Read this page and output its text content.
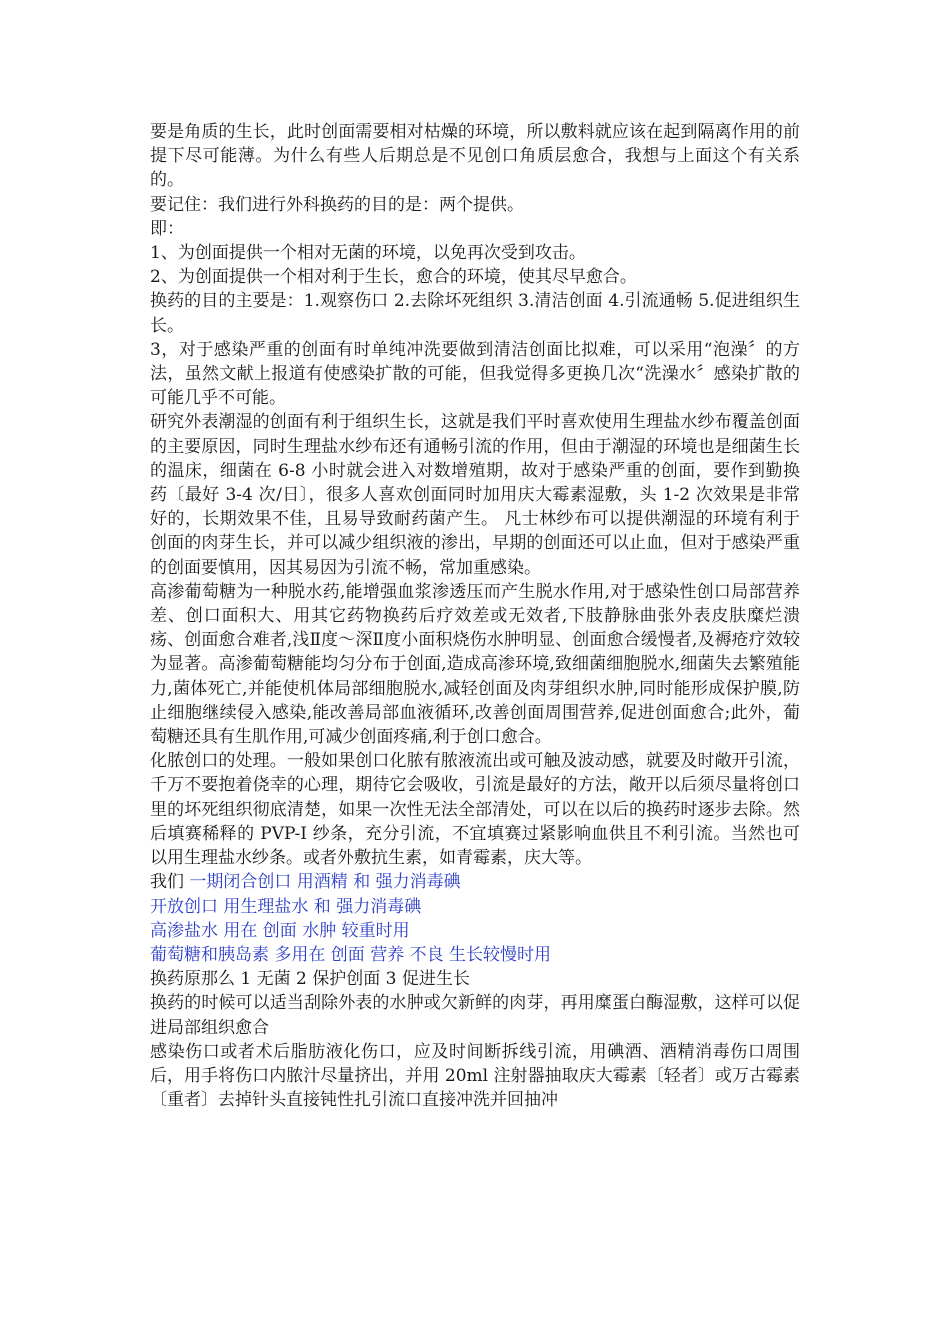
要是角质的生长，此时创面需要相对枯燥的环境，所以敷料就应该在起到隔离作用的前提下尽可能薄。为什么有些人后期总是不见创口角质层愈合，我想与上面这个有关系的。

要记住：我们进行外科换药的目的是：两个提供。

即：

1、为创面提供一个相对无菌的环境，以免再次受到攻击。

2、为创面提供一个相对利于生长，愈合的环境，使其尽早愈合。

换药的目的主要是：1.观察伤口 2.去除坏死组织 3.清洁创面 4.引流通畅 5.促进组织生长。

3，对于感染严重的创面有时单纯冲洗要做到清洁创面比拟难，可以采用“泡澡〞的方法，虽然文献上报道有使感染扩散的可能，但我觉得多更换几次“洗澡水〞感染扩散的可能几乎不可能。

研究外表潮湿的创面有利于组织生长，这就是我们平时喜欢使用生理盐水纱布覆盖创面的主要原因，同时生理盐水纱布还有通畅引流的作用，但由于潮湿的环境也是细菌生长的温床，细菌在 6-8 小时就会进入对数增殖期，故对于感染严重的创面，要作到勤换药〔最好 3-4 次/日〕，很多人喜欢创面同时加用庆大霉素湿敷，头 1-2 次效果是非常好的，长期效果不佳，且易导致耐药菌产生。 凡士林纱布可以提供潮湿的环境有利于创面的肉芽生长，并可以减少组织液的渗出，早期的创面还可以止血，但对于感染严重的创面要慎用，因其易因为引流不畅，常加重感染。

高渗葡萄糖为一种脱水药,能增强血浆渗透压而产生脱水作用,对于感染性创口局部营养差、创口面积大、用其它药物换药后疗效差或无效者,下肢静脉曲张外表皮肤糜烂溃疡、创面愈合难者,浅Ⅱ度～深Ⅱ度小面积烧伤水肿明显、创面愈合缓慢者,及褥疮疗效较为显著。高渗葡萄糖能均匀分布于创面,造成高渗环境,致细菌细胞脱水,细菌失去繁殖能力,菌体死亡,并能使机体局部细胞脱水,减轻创面及肉芽组织水肿,同时能形成保护膜,防止细胞继续侵入感染,能改善局部血液循环,改善创面周围营养,促进创面愈合;此外，葡萄糖还具有生肌作用,可减少创面疼痛,利于创口愈合。

化脓创口的处理。一般如果创口化脓有脓液流出或可触及波动感，就要及时敞开引流，千万不要抱着侥幸的心理，期待它会吸收，引流是最好的方法，敞开以后须尽量将创口里的坏死组织彻底清楚，如果一次性无法全部清处，可以在以后的换药时逐步去除。然后填赛稀释的 PVP-I 纱条，充分引流，不宜填赛过紧影响血供且不利引流。当然也可以用生理盐水纱条。或者外敷抗生素，如青霉素，庆大等。

我们 一期闭合创口 用酒精 和 强力消毒碘

开放创口 用生理盐水 和 强力消毒碘

高渗盐水 用在 创面 水肿 较重时用

葡萄糖和胰岛素 多用在 创面 营养 不良 生长较慢时用

换药原那么 1 无菌 2 保护创面 3 促进生长

换药的时候可以适当刮除外表的水肿或欠新鲜的肉芽，再用糜蛋白酶湿敷，这样可以促进局部组织愈合

感染伤口或者术后脂肪液化伤口，应及时间断拆线引流，用碘酒、酒精消毒伤口周围后，用手将伤口内脓汁尽量挤出，并用 20ml 注射器抽取庆大霉素〔轻者〕或万古霉素〔重者〕去掉针头直接钝性扎引流口直接冲洗并回抽冲
